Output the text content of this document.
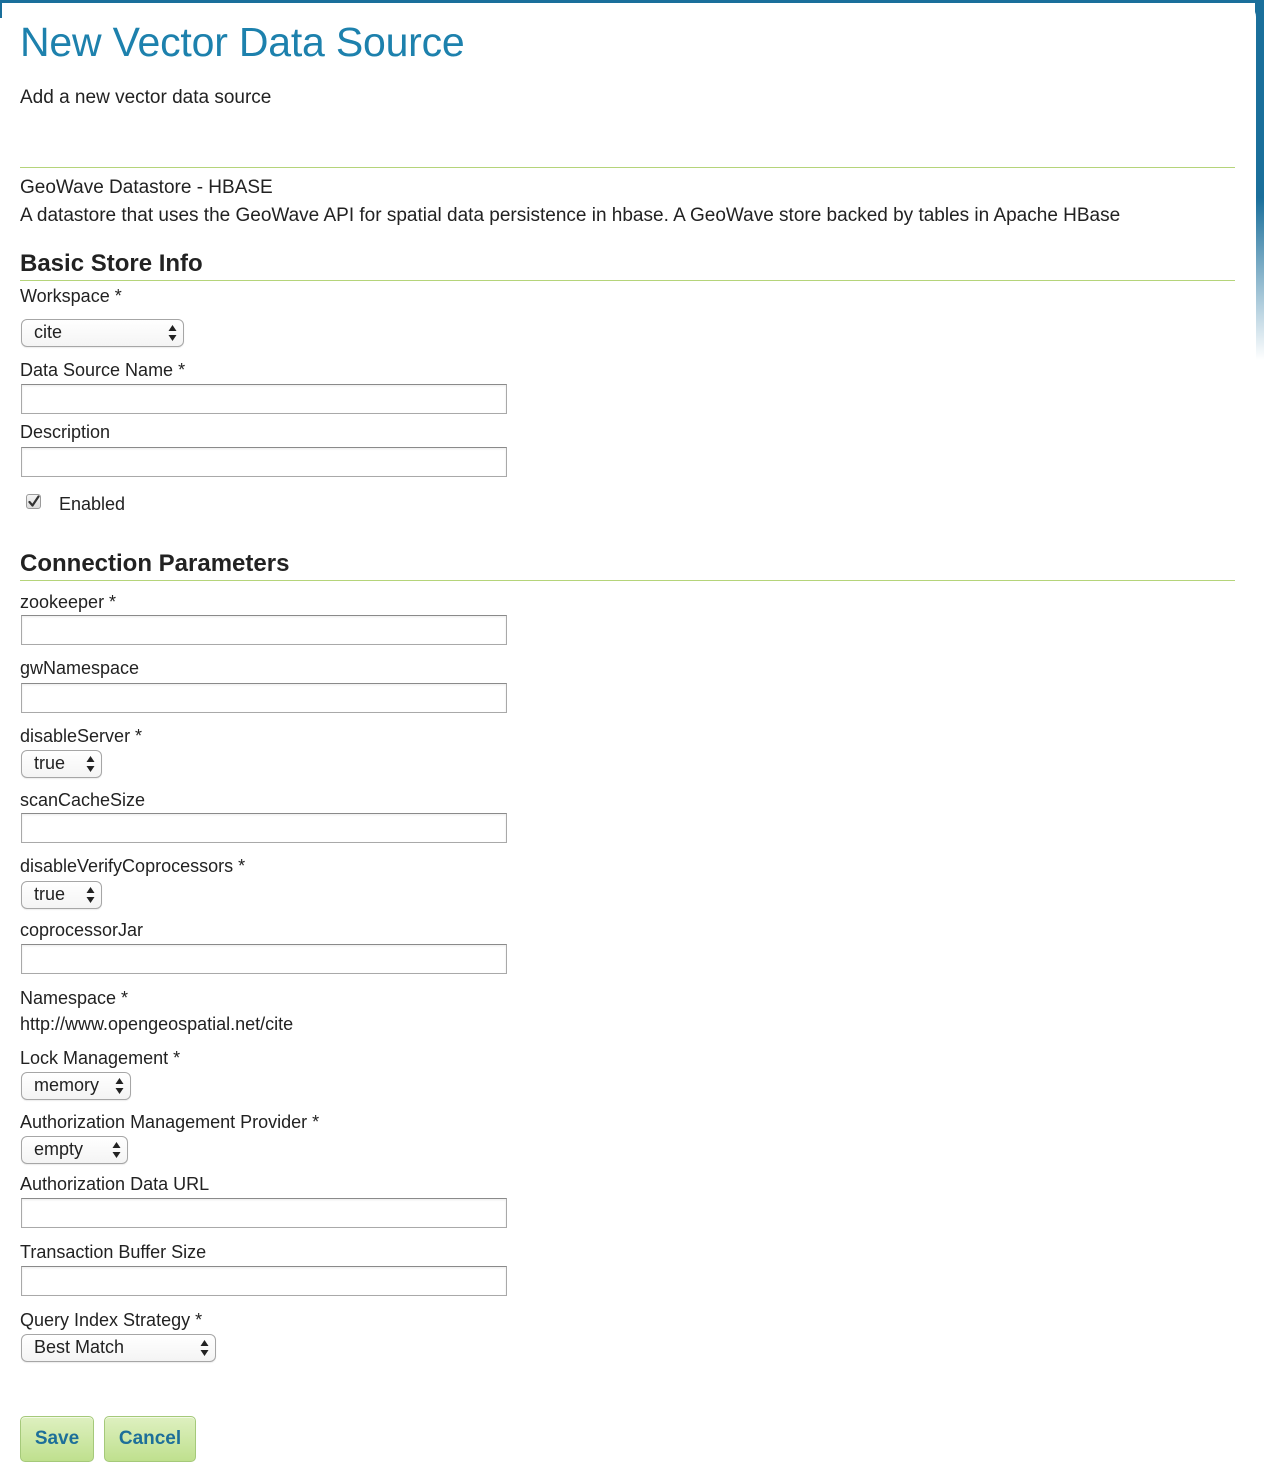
New Vector Data Source
Add a new vector data source
GeoWave Datastore - HBASE
A datastore that uses the GeoWave API for spatial data persistence in hbase. A GeoWave store backed by tables in Apache HBase
Basic Store Info
Workspace *
cite
Data Source Name *
Description
Enabled
Connection Parameters
zookeeper *
gwNamespace
disableServer *
true
scanCacheSize
disableVerifyCoprocessors *
true
coprocessorJar
Namespace *
http://www.opengeospatial.net/cite
Lock Management *
memory
Authorization Management Provider *
empty
Authorization Data URL
Transaction Buffer Size
Query Index Strategy *
Best Match
Save	Cancel
